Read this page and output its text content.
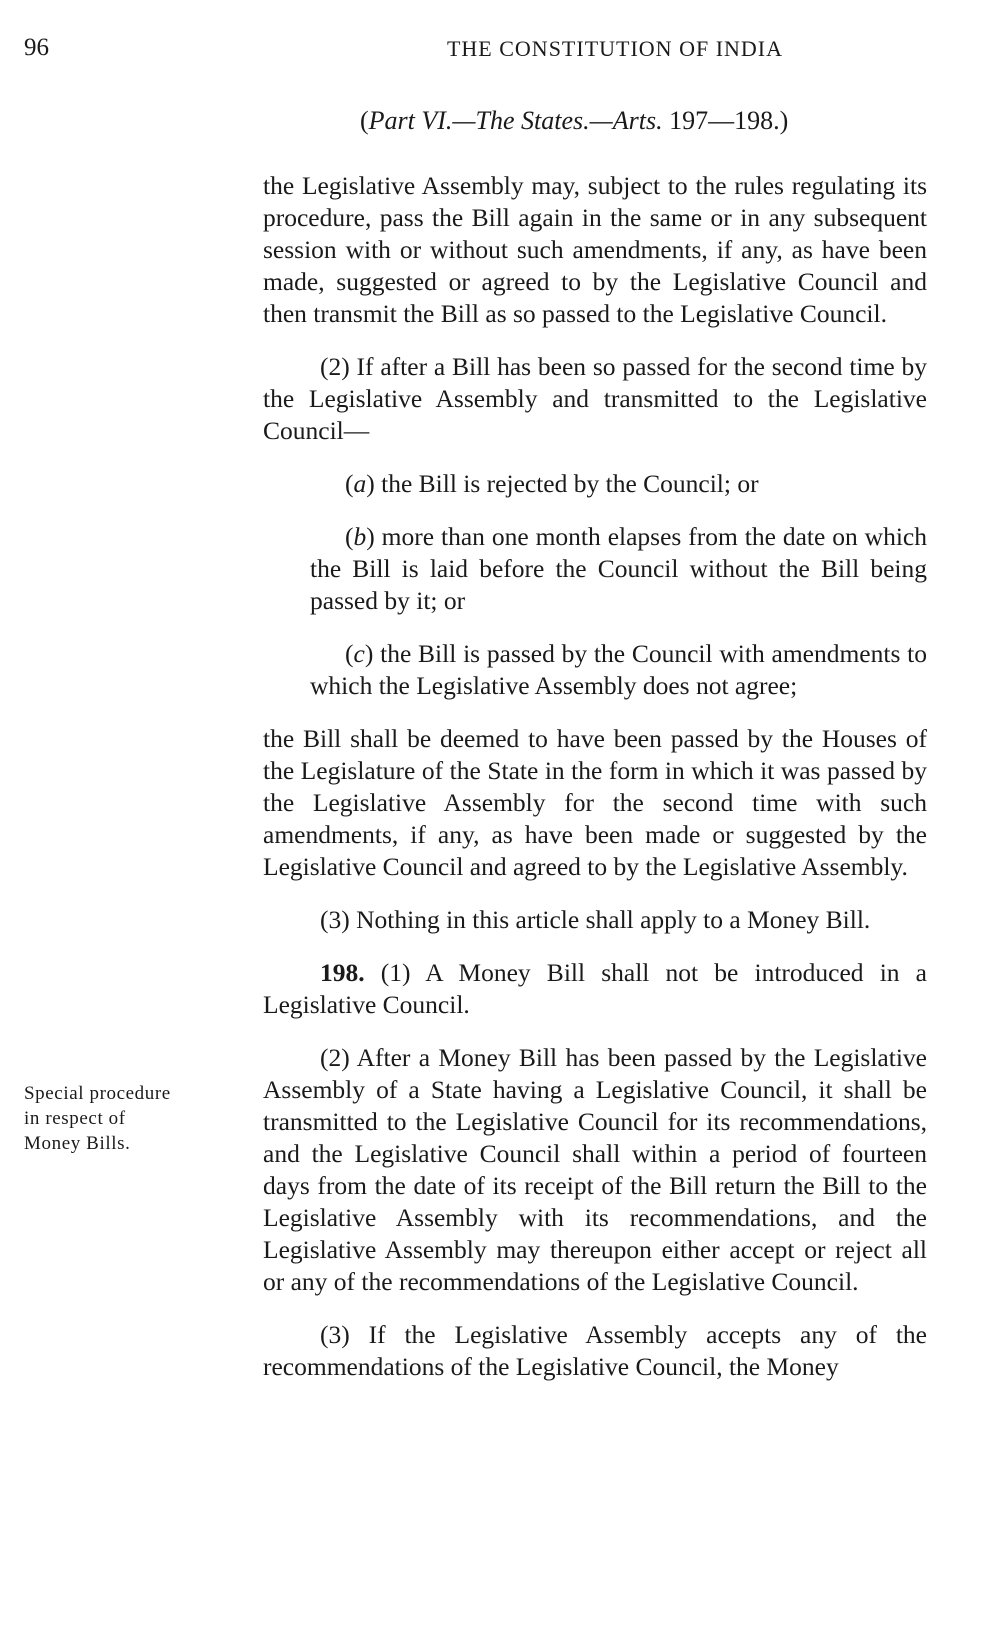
96	THE CONSTITUTION OF INDIA
(Part VI.—The States.—Arts. 197—198.)

the Legislative Assembly may, subject to the rules regulating its procedure, pass the Bill again in the same or in any subsequent session with or without such amendments, if any, as have been made, suggested or agreed to by the Legislative Council and then transmit the Bill as so passed to the Legislative Council.

(2) If after a Bill has been so passed for the second time by the Legislative Assembly and transmitted to the Legislative Council—

(a) the Bill is rejected by the Council; or

(b) more than one month elapses from the date on which the Bill is laid before the Council without the Bill being passed by it; or

(c) the Bill is passed by the Council with amendments to which the Legislative Assembly does not agree;

the Bill shall be deemed to have been passed by the Houses of the Legislature of the State in the form in which it was passed by the Legislative Assembly for the second time with such amendments, if any, as have been made or suggested by the Legislative Council and agreed to by the Legislative Assembly.

(3) Nothing in this article shall apply to a Money Bill.

198. (1) A Money Bill shall not be introduced in a Legislative Council.

(2) After a Money Bill has been passed by the Legislative Assembly of a State having a Legislative Council, it shall be transmitted to the Legislative Council for its recommendations, and the Legislative Council shall within a period of fourteen days from the date of its receipt of the Bill return the Bill to the Legislative Assembly with its recommendations, and the Legislative Assembly may thereupon either accept or reject all or any of the recommendations of the Legislative Council.

(3) If the Legislative Assembly accepts any of the recommendations of the Legislative Council, the Money

Special procedure
in respect of
Money Bills.
